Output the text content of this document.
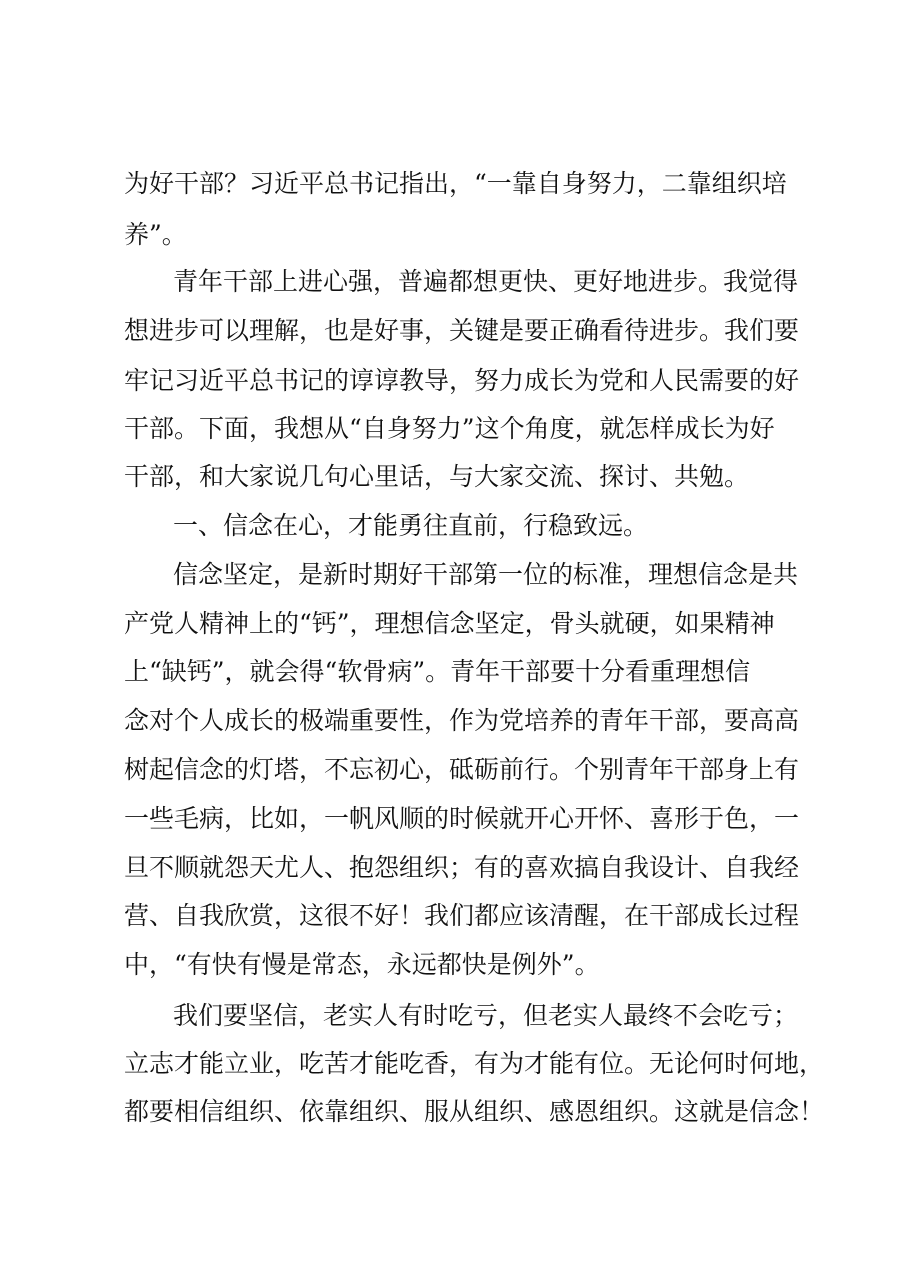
为好干部？习近平总书记指出，“一靠自身努力，二靠组织培
养”。
青年干部上进心强，普遍都想更快、更好地进步。我觉得
想进步可以理解，也是好事，关键是要正确看待进步。我们要
牢记习近平总书记的谆谆教导，努力成长为党和人民需要的好
干部。下面，我想从“自身努力”这个角度，就怎样成长为好
干部，和大家说几句心里话，与大家交流、探讨、共勉。
一、信念在心，才能勇往直前，行稳致远。
信念坚定，是新时期好干部第一位的标准，理想信念是共
产党人精神上的“钙”，理想信念坚定，骨头就硬，如果精神
上“缺钙”，就会得“软骨病”。青年干部要十分看重理想信
念对个人成长的极端重要性，作为党培养的青年干部，要高高
树起信念的灯塔，不忘初心，砥砺前行。个别青年干部身上有
一些毛病，比如，一帆风顺的时候就开心开怀、喜形于色，一
旦不顺就怨天尤人、抱怨组织；有的喜欢搞自我设计、自我经
营、自我欣赏，这很不好！我们都应该清醒，在干部成长过程
中，“有快有慢是常态，永远都快是例外”。
我们要坚信，老实人有时吃亏，但老实人最终不会吃亏；
立志才能立业，吃苦才能吃香，有为才能有位。无论何时何地，
都要相信组织、依靠组织、服从组织、感恩组织。这就是信念！
